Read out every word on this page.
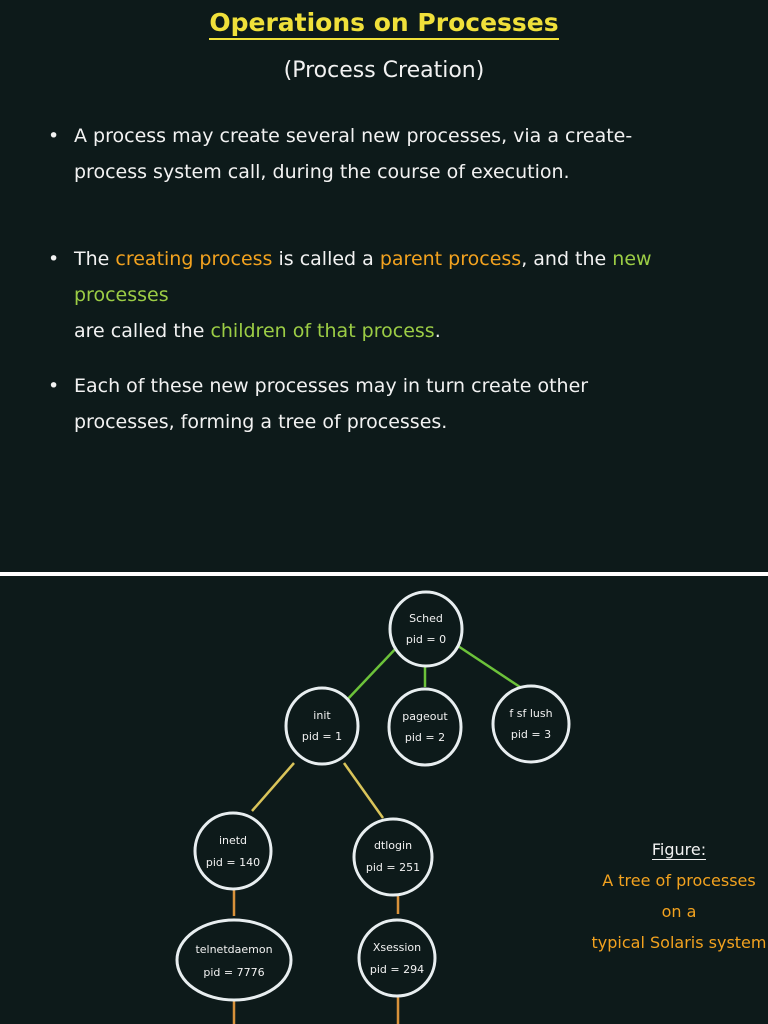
Operations on Processes
(Process Creation)
• A process may create several new processes, via a create-process system call, during the course of execution.
• The creating process is called a parent process, and the new processes
are called the children of that process.
• Each of these new processes may in turn create other processes, forming a tree of processes.
Sched
pid = 0
init
pid = 1
pageout
pid = 2
f sf lush
pid = 3
inetd
pid = 140
dtlogin
pid = 251
telnetdaemon
pid = 7776
Xsession
pid = 294
Figure:
A tree of processes
on a
typical Solaris system
